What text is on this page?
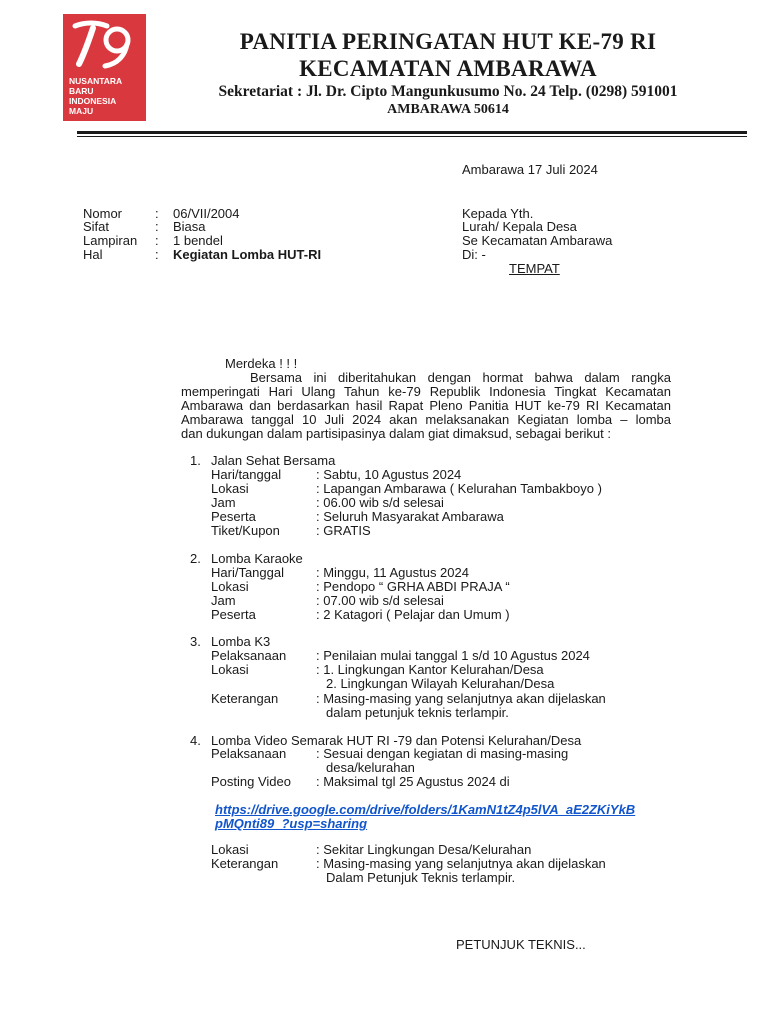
NUSANTARA
BARU
INDONESIA
MAJU
PANITIA PERINGATAN HUT KE-79 RI
KECAMATAN AMBARAWA
Sekretariat : Jl. Dr. Cipto Mangunkusumo No. 24 Telp. (0298) 591001
AMBARAWA 50614
Ambarawa 17 Juli 2024
Nomor	: 06/VII/2004
Sifat	: Biasa
Lampiran : 1 bendel
Hal	: Kegiatan Lomba HUT-RI
Kepada Yth.
Lurah/ Kepala Desa
Se Kecamatan Ambarawa
Di: -
TEMPAT
Merdeka ! ! !
Bersama ini diberitahukan dengan hormat bahwa dalam rangka
memperingati Hari Ulang Tahun ke-79 Republik Indonesia Tingkat Kecamatan
Ambarawa dan berdasarkan hasil Rapat Pleno Panitia HUT ke-79 RI Kecamatan
Ambarawa tanggal 10 Juli 2024 akan melaksanakan Kegiatan lomba – lomba
dan dukungan dalam partisipasinya dalam giat dimaksud, sebagai berikut :
1. Jalan Sehat Bersama
Hari/tanggal	: Sabtu, 10 Agustus 2024
Lokasi	: Lapangan Ambarawa ( Kelurahan Tambakboyo )
Jam	: 06.00 wib s/d selesai
Peserta	: Seluruh Masyarakat Ambarawa
Tiket/Kupon	: GRATIS
2. Lomba Karaoke
Hari/Tanggal : Minggu, 11 Agustus 2024
Lokasi	: Pendopo “ GRHA ABDI PRAJA “
Jam	: 07.00 wib s/d selesai
Peserta	: 2 Katagori ( Pelajar dan Umum )
3. Lomba K3
Pelaksanaan : Penilaian mulai tanggal 1 s/d 10 Agustus 2024
Lokasi	: 1. Lingkungan Kantor Kelurahan/Desa
2. Lingkungan Wilayah Kelurahan/Desa
Keterangan	: Masing-masing yang selanjutnya akan dijelaskan
dalam petunjuk teknis terlampir.
4. Lomba Video Semarak HUT RI -79 dan Potensi Kelurahan/Desa
Pelaksanaan : Sesuai dengan kegiatan di masing-masing
desa/kelurahan
Posting Video : Maksimal tgl 25 Agustus 2024 di
https://drive.google.com/drive/folders/1KamN1tZ4p5lVA_aE2ZKiYkB
pMQnti89_?usp=sharing
Lokasi	: Sekitar Lingkungan Desa/Kelurahan
Keterangan	: Masing-masing yang selanjutnya akan dijelaskan
Dalam Petunjuk Teknis terlampir.
PETUNJUK TEKNIS...
